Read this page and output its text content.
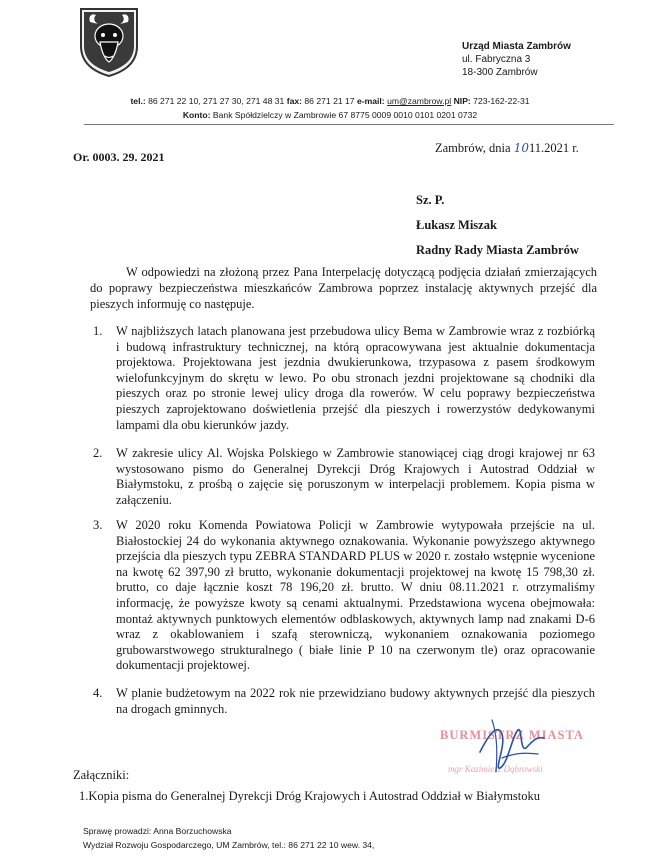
Urząd Miasta Zambrów
ul. Fabryczna 3
18-300 Zambrów
tel.: 86 271 22 10, 271 27 30, 271 48 31 fax: 86 271 21 17 e-mail: um@zambrow.pl NIP: 723-162-22-31
Konto: Bank Spółdzielczy w Zambrowie 67 8775 0009 0010 0101 0201 0732
Or. 0003. 29. 2021
Zambrów, dnia 1011.2021 r.
Sz. P.
Łukasz Miszak
Radny Rady Miasta Zambrów
W odpowiedzi na złożoną przez Pana Interpelację dotyczącą podjęcia działań zmierzających do poprawy bezpieczeństwa mieszkańców Zambrowa poprzez instalację aktywnych przejść dla pieszych informuję co następuje.
1.	W najbliższych latach planowana jest przebudowa ulicy Bema w Zambrowie wraz z rozbiórką i budową infrastruktury technicznej, na którą opracowywana jest aktualnie dokumentacja projektowa. Projektowana jest jezdnia dwukierunkowa, trzypasowa z pasem środkowym wielofunkcyjnym do skrętu w lewo. Po obu stronach jezdni projektowane są chodniki dla pieszych oraz po stronie lewej ulicy droga dla rowerów. W celu poprawy bezpieczeństwa pieszych zaprojektowano doświetlenia przejść dla pieszych i rowerzystów dedykowanymi lampami dla obu kierunków jazdy.
2.	W zakresie ulicy Al. Wojska Polskiego w Zambrowie stanowiącej ciąg drogi krajowej nr 63 wystosowano pismo do Generalnej Dyrekcji Dróg Krajowych i Autostrad Oddział w Białymstoku, z prośbą o zajęcie się poruszonym w interpelacji problemem. Kopia pisma w załączeniu.
3.	W 2020 roku Komenda Powiatowa Policji w Zambrowie wytypowała przejście na ul. Białostockiej 24 do wykonania aktywnego oznakowania. Wykonanie powyższego aktywnego przejścia dla pieszych typu ZEBRA STANDARD PLUS w 2020 r. zostało wstępnie wycenione na kwotę 62 397,90 zł brutto, wykonanie dokumentacji projektowej na kwotę 15 798,30 zł. brutto, co daje łącznie koszt 78 196,20 zł. brutto. W dniu 08.11.2021 r. otrzymaliśmy informację, że powyższe kwoty są cenami aktualnymi. Przedstawiona wycena obejmowała: montaż aktywnych punktowych elementów odblaskowych, aktywnych lamp nad znakami D-6 wraz z okablowaniem i szafą sterowniczą, wykonaniem oznakowania poziomego grubowarstwowego strukturalnego ( białe linie P 10 na czerwonym tle) oraz opracowanie dokumentacji projektowej.
4.	W planie budżetowym na 2022 rok nie przewidziano budowy aktywnych przejść dla pieszych na drogach gminnych.
BURMISTRZ MIASTA
mgr Kazimierz Dąbrowski
Załączniki:
1.Kopia pisma do Generalnej Dyrekcji Dróg Krajowych i Autostrad Oddział w Białymstoku
Sprawę prowadzi: Anna Borzuchowska
Wydział Rozwoju Gospodarczego, UM Zambrów, tel.: 86 271 22 10 wew. 34,
